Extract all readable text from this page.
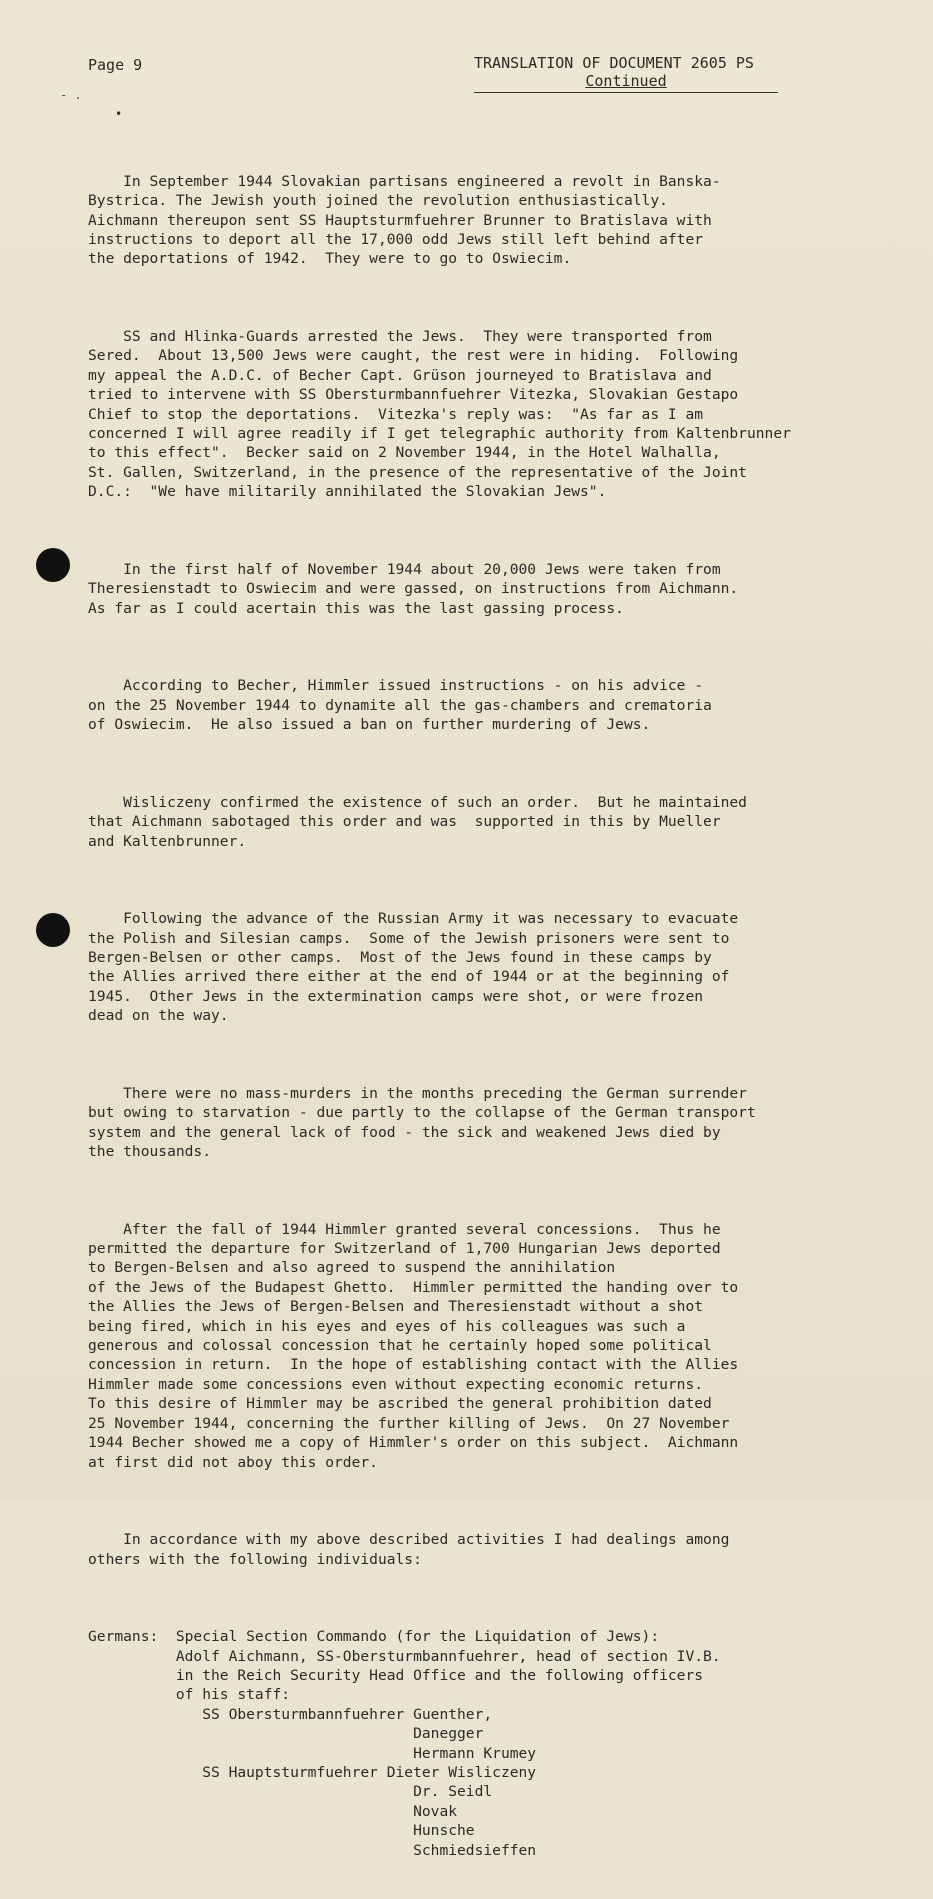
Page 9	TRANSLATION OF DOCUMENT 2605 PS
Continued
- .
•

In September 1944 Slovakian partisans engineered a revolt in Banska-
Bystrica. The Jewish youth joined the revolution enthusiastically.
Aichmann thereupon sent SS Hauptsturmfuehrer Brunner to Bratislava with
instructions to deport all the 17,000 odd Jews still left behind after
the deportations of 1942.  They were to go to Oswiecim.

SS and Hlinka-Guards arrested the Jews.  They were transported from
Sered.  About 13,500 Jews were caught, the rest were in hiding.  Following
my appeal the A.D.C. of Becher Capt. Grüson journeyed to Bratislava and
tried to intervene with SS Obersturmbannfuehrer Vitezka, Slovakian Gestapo
Chief to stop the deportations.  Vitezka's reply was:  "As far as I am
concerned I will agree readily if I get telegraphic authority from Kaltenbrunner
to this effect".  Becker said on 2 November 1944, in the Hotel Walhalla,
St. Gallen, Switzerland, in the presence of the representative of the Joint
D.C.:  "We have militarily annihilated the Slovakian Jews".

In the first half of November 1944 about 20,000 Jews were taken from
Theresienstadt to Oswiecim and were gassed, on instructions from Aichmann.
As far as I could acertain this was the last gassing process.

According to Becher, Himmler issued instructions - on his advice -
on the 25 November 1944 to dynamite all the gas-chambers and crematoria
of Oswiecim.  He also issued a ban on further murdering of Jews.

Wisliczeny confirmed the existence of such an order.  But he maintained
that Aichmann sabotaged this order and was  supported in this by Mueller
and Kaltenbrunner.

Following the advance of the Russian Army it was necessary to evacuate
the Polish and Silesian camps.  Some of the Jewish prisoners were sent to
Bergen-Belsen or other camps.  Most of the Jews found in these camps by
the Allies arrived there either at the end of 1944 or at the beginning of
1945.  Other Jews in the extermination camps were shot, or were frozen
dead on the way.

There were no mass-murders in the months preceding the German surrender
but owing to starvation - due partly to the collapse of the German transport
system and the general lack of food - the sick and weakened Jews died by
the thousands.

After the fall of 1944 Himmler granted several concessions.  Thus he
permitted the departure for Switzerland of 1,700 Hungarian Jews deported
to Bergen-Belsen and also agreed to suspend the annihilation
of the Jews of the Budapest Ghetto.  Himmler permitted the handing over to
the Allies the Jews of Bergen-Belsen and Theresienstadt without a shot
being fired, which in his eyes and eyes of his colleagues was such a
generous and colossal concession that he certainly hoped some political
concession in return.  In the hope of establishing contact with the Allies
Himmler made some concessions even without expecting economic returns.
To this desire of Himmler may be ascribed the general prohibition dated
25 November 1944, concerning the further killing of Jews.  On 27 November
1944 Becher showed me a copy of Himmler's order on this subject.  Aichmann
at first did not aboy this order.

In accordance with my above described activities I had dealings among
others with the following individuals:

Germans:  Special Section Commando (for the Liquidation of Jews):
Adolf Aichmann, SS-Obersturmbannfuehrer, head of section IV.B.
in the Reich Security Head Office and the following officers
of his staff:
SS Obersturmbannfuehrer Guenther,
Danegger
Hermann Krumey
SS Hauptsturmfuehrer Dieter Wisliczeny
Dr. Seidl
Novak
Hunsche
Schmiedsieffen
